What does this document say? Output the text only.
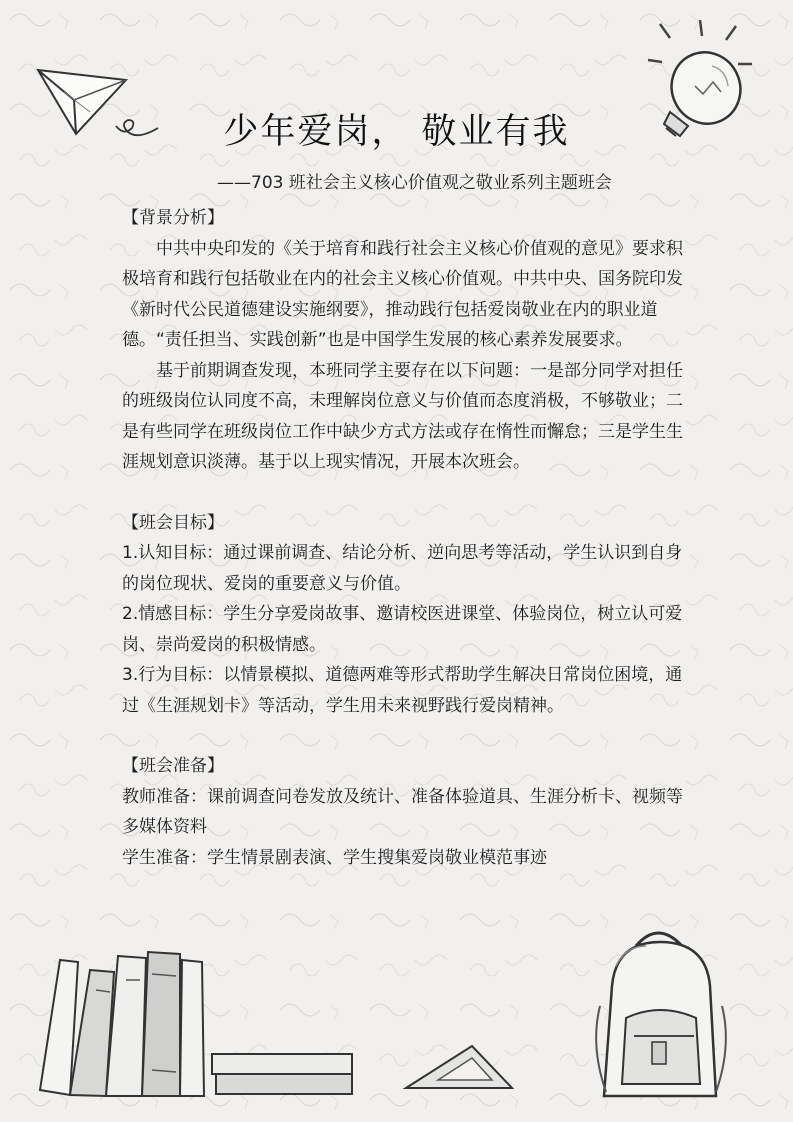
少年爱岗， 敬业有我
——703 班社会主义核心价值观之敬业系列主题班会

【背景分析】

中共中央印发的《关于培育和践行社会主义核心价值观的意见》要求积极培育和践行包括敬业在内的社会主义核心价值观。中共中央、国务院印发《新时代公民道德建设实施纲要》，推动践行包括爱岗敬业在内的职业道德。“责任担当、实践创新”也是中国学生发展的核心素养发展要求。

基于前期调查发现，本班同学主要存在以下问题：一是部分同学对担任的班级岗位认同度不高，未理解岗位意义与价值而态度消极，不够敬业；二是有些同学在班级岗位工作中缺少方式方法或存在惰性而懈怠；三是学生生涯规划意识淡薄。基于以上现实情况，开展本次班会。

【班会目标】

1.认知目标：通过课前调查、结论分析、逆向思考等活动，学生认识到自身的岗位现状、爱岗的重要意义与价值。

2.情感目标：学生分享爱岗故事、邀请校医进课堂、体验岗位，树立认可爱岗、崇尚爱岗的积极情感。

3.行为目标：以情景模拟、道德两难等形式帮助学生解决日常岗位困境，通过《生涯规划卡》等活动，学生用未来视野践行爱岗精神。

【班会准备】

教师准备：课前调查问卷发放及统计、准备体验道具、生涯分析卡、视频等多媒体资料

学生准备：学生情景剧表演、学生搜集爱岗敬业模范事迹
